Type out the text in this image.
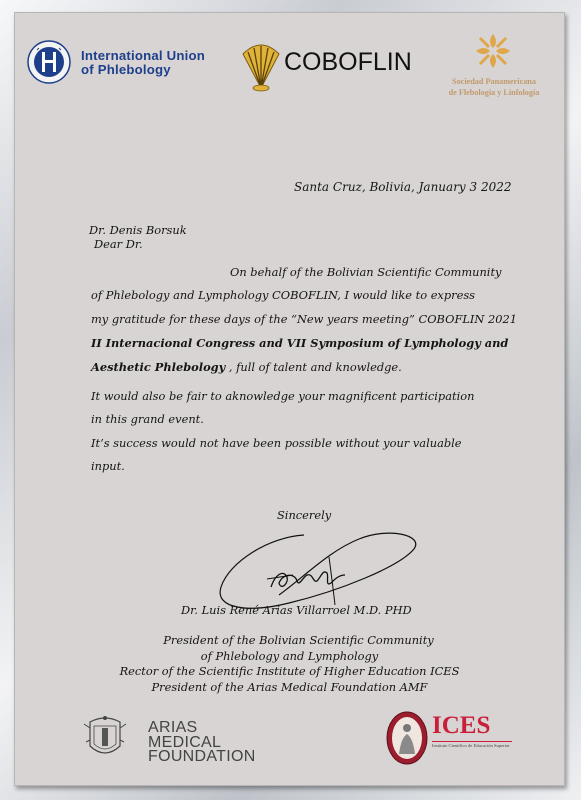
International Union
of Phlebology	COBOFLIN
Sociedad Panamericana
de Flebología y Linfología
Santa Cruz, Bolivia, January 3 2022
Dr. Denis Borsuk
Dear Dr.
On behalf of the Bolivian Scientific Community
of Phlebology and Lymphology COBOFLIN, I would like to express
my gratitude for these days of the “New years meeting” COBOFLIN 2021
II Internacional Congress and VII Symposium of Lymphology and
Aesthetic Phlebology , full of talent and knowledge.
It would also be fair to aknowledge your magnificent participation
in this grand event.
It’s success would not have been possible without your valuable
input.
Sincerely
Dr. Luis René Arias Villarroel M.D. PHD
President of the Bolivian Scientific Community
of Phlebology and Lymphology
Rector of the Scientific Institute of Higher Education ICES
President of the Arias Medical Foundation AMF
ARIAS
MEDICAL
FOUNDATION
ICES
Instituto Científico de Educación Superior
